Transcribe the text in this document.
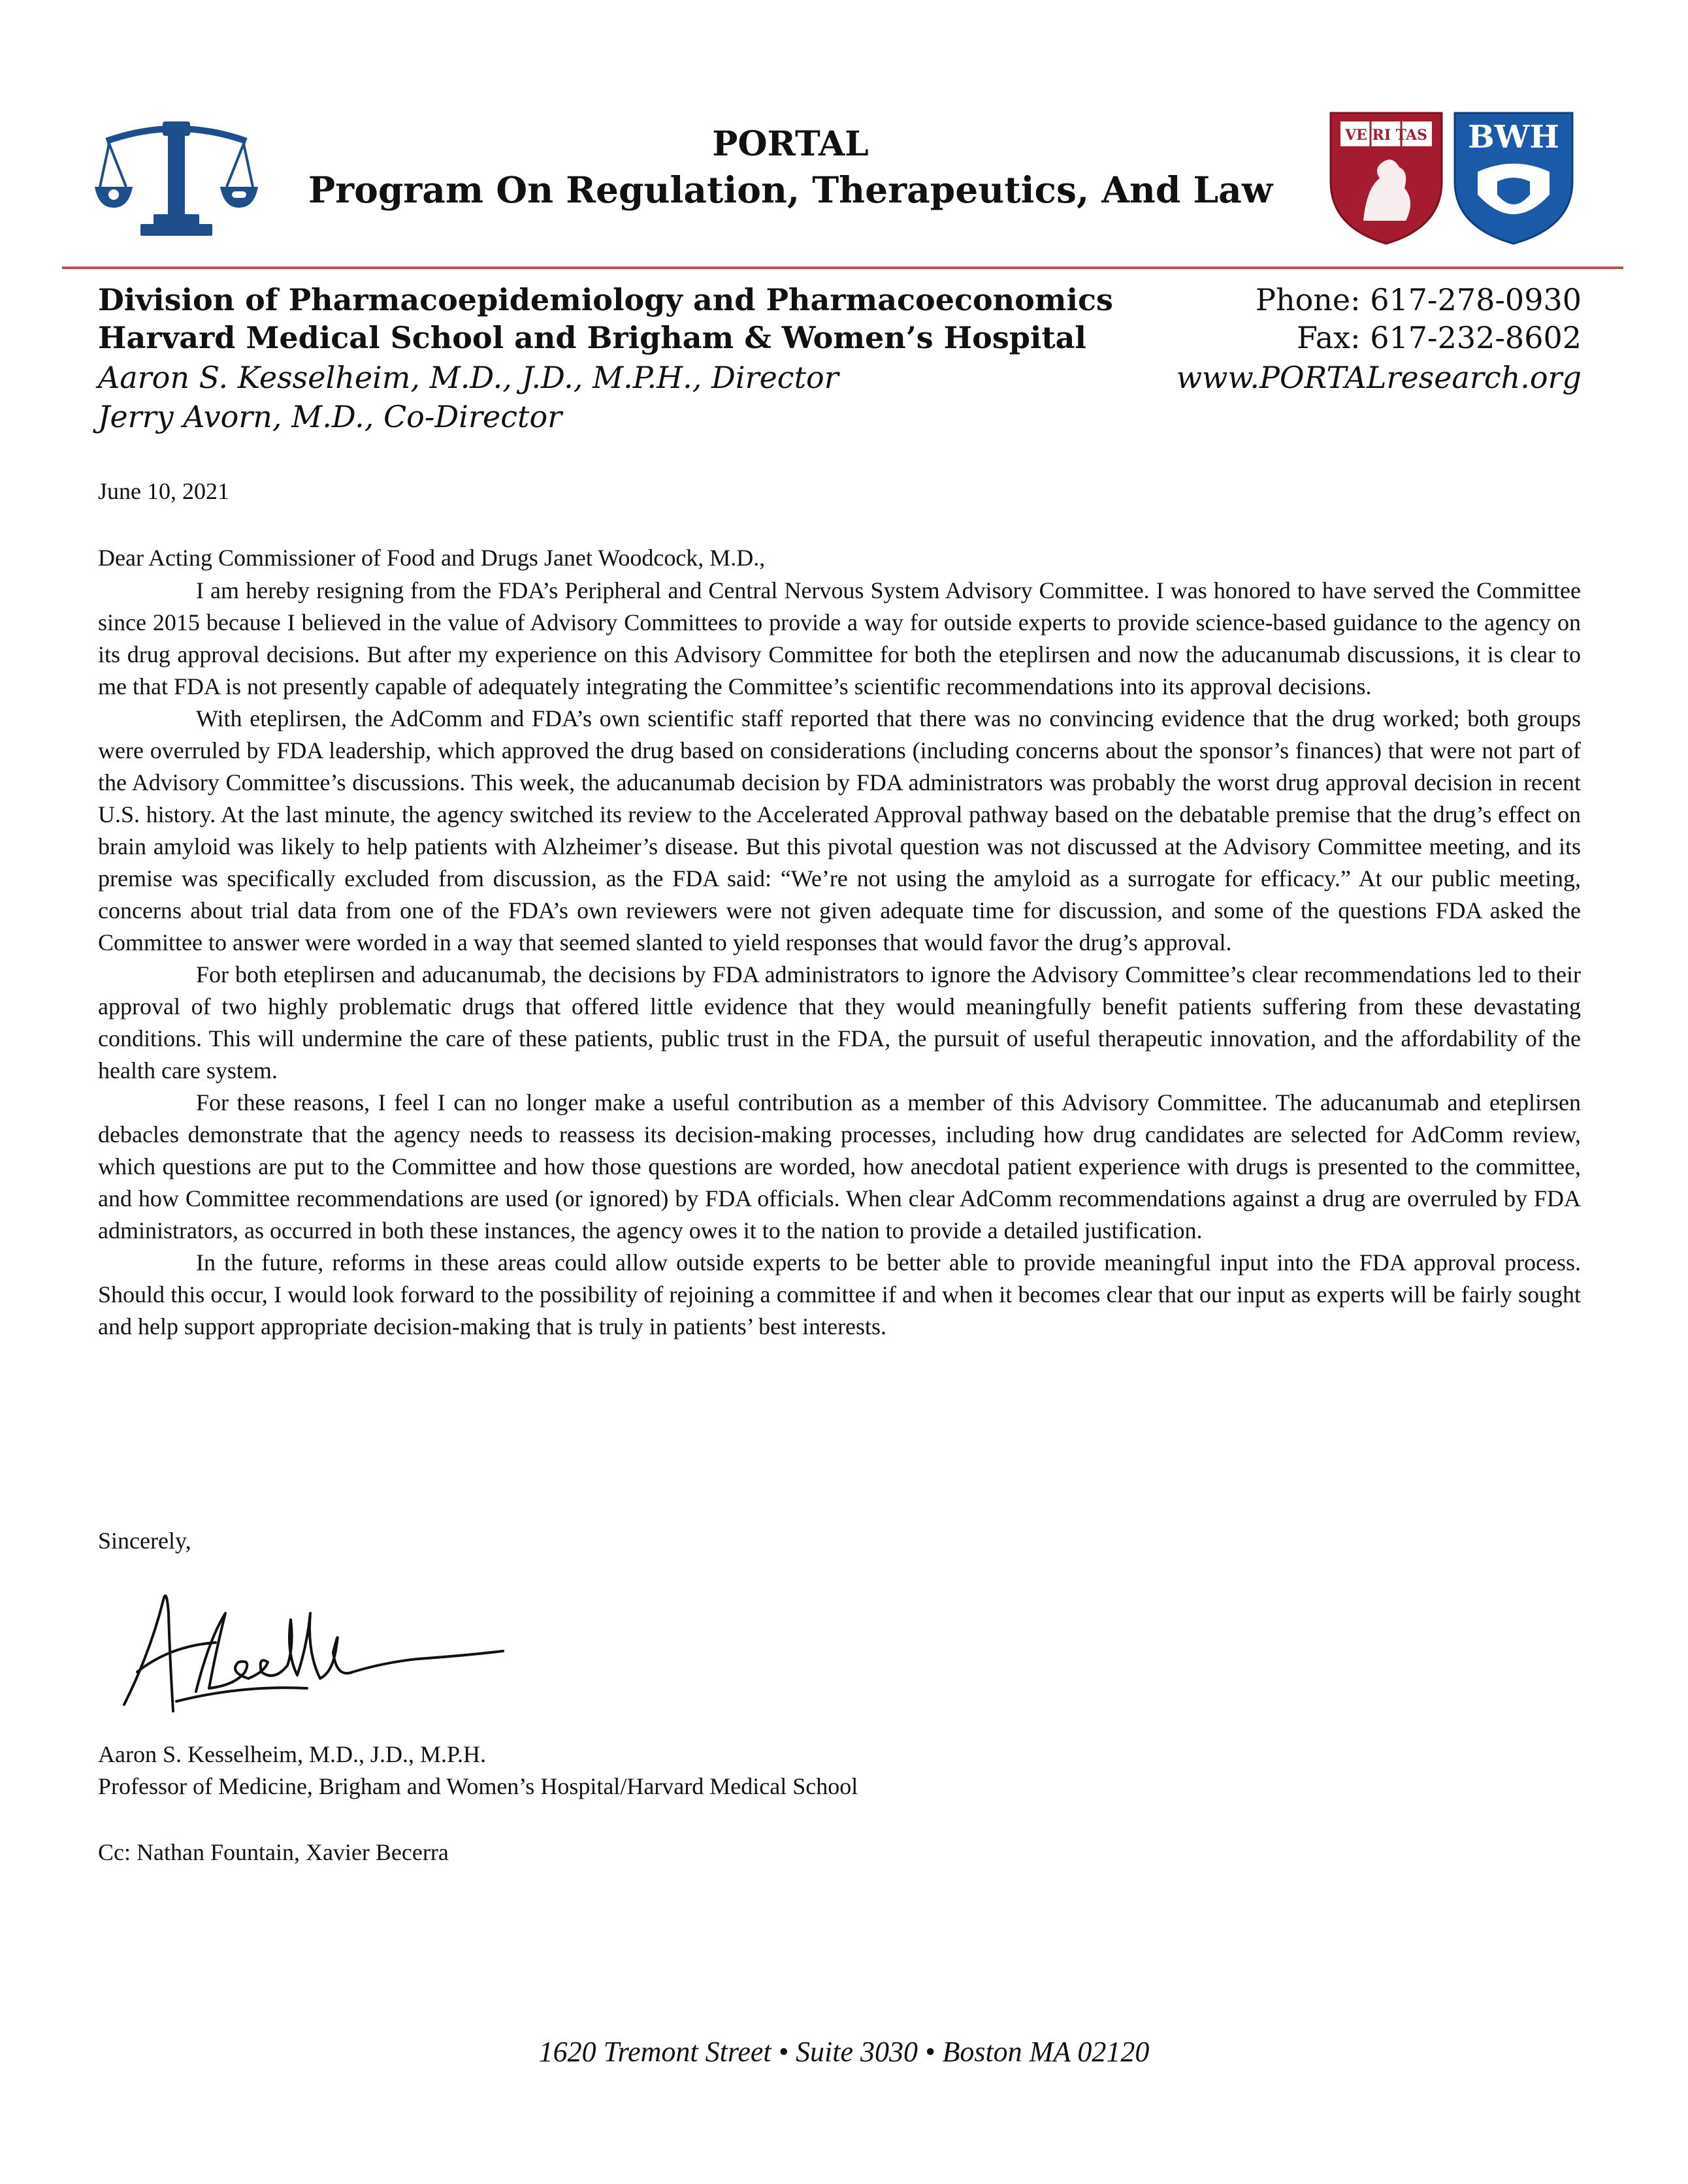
PORTAL
Program On Regulation, Therapeutics, And Law
VE RI TAS BWH
Division of Pharmacoepidemiology and Pharmacoeconomics
Harvard Medical School and Brigham & Women’s Hospital
Aaron S. Kesselheim, M.D., J.D., M.P.H., Director
Jerry Avorn, M.D., Co-Director
Phone: 617-278-0930
Fax: 617-232-8602
www.PORTALresearch.org
June 10, 2021
Dear Acting Commissioner of Food and Drugs Janet Woodcock, M.D.,

I am hereby resigning from the FDA’s Peripheral and Central Nervous System Advisory Committee. I was honored to have served the Committee since 2015 because I believed in the value of Advisory Committees to provide a way for outside experts to provide science-based guidance to the agency on its drug approval decisions. But after my experience on this Advisory Committee for both the eteplirsen and now the aducanumab discussions, it is clear to me that FDA is not presently capable of adequately integrating the Committee’s scientific recommendations into its approval decisions.

With eteplirsen, the AdComm and FDA’s own scientific staff reported that there was no convincing evidence that the drug worked; both groups were overruled by FDA leadership, which approved the drug based on considerations (including concerns about the sponsor’s finances) that were not part of the Advisory Committee’s discussions. This week, the aducanumab decision by FDA administrators was probably the worst drug approval decision in recent U.S. history. At the last minute, the agency switched its review to the Accelerated Approval pathway based on the debatable premise that the drug’s effect on brain amyloid was likely to help patients with Alzheimer’s disease. But this pivotal question was not discussed at the Advisory Committee meeting, and its premise was specifically excluded from discussion, as the FDA said: “We’re not using the amyloid as a surrogate for efficacy.” At our public meeting, concerns about trial data from one of the FDA’s own reviewers were not given adequate time for discussion, and some of the questions FDA asked the Committee to answer were worded in a way that seemed slanted to yield responses that would favor the drug’s approval.

For both eteplirsen and aducanumab, the decisions by FDA administrators to ignore the Advisory Committee’s clear recommendations led to their approval of two highly problematic drugs that offered little evidence that they would meaningfully benefit patients suffering from these devastating conditions. This will undermine the care of these patients, public trust in the FDA, the pursuit of useful therapeutic innovation, and the affordability of the health care system.

For these reasons, I feel I can no longer make a useful contribution as a member of this Advisory Committee. The aducanumab and eteplirsen debacles demonstrate that the agency needs to reassess its decision-making processes, including how drug candidates are selected for AdComm review, which questions are put to the Committee and how those questions are worded, how anecdotal patient experience with drugs is presented to the committee, and how Committee recommendations are used (or ignored) by FDA officials. When clear AdComm recommendations against a drug are overruled by FDA administrators, as occurred in both these instances, the agency owes it to the nation to provide a detailed justification.

In the future, reforms in these areas could allow outside experts to be better able to provide meaningful input into the FDA approval process. Should this occur, I would look forward to the possibility of rejoining a committee if and when it becomes clear that our input as experts will be fairly sought and help support appropriate decision-making that is truly in patients’ best interests.

Sincerely,
Aaron S. Kesselheim, M.D., J.D., M.P.H.
Professor of Medicine, Brigham and Women’s Hospital/Harvard Medical School
Cc: Nathan Fountain, Xavier Becerra
1620 Tremont Street • Suite 3030 • Boston MA 02120
